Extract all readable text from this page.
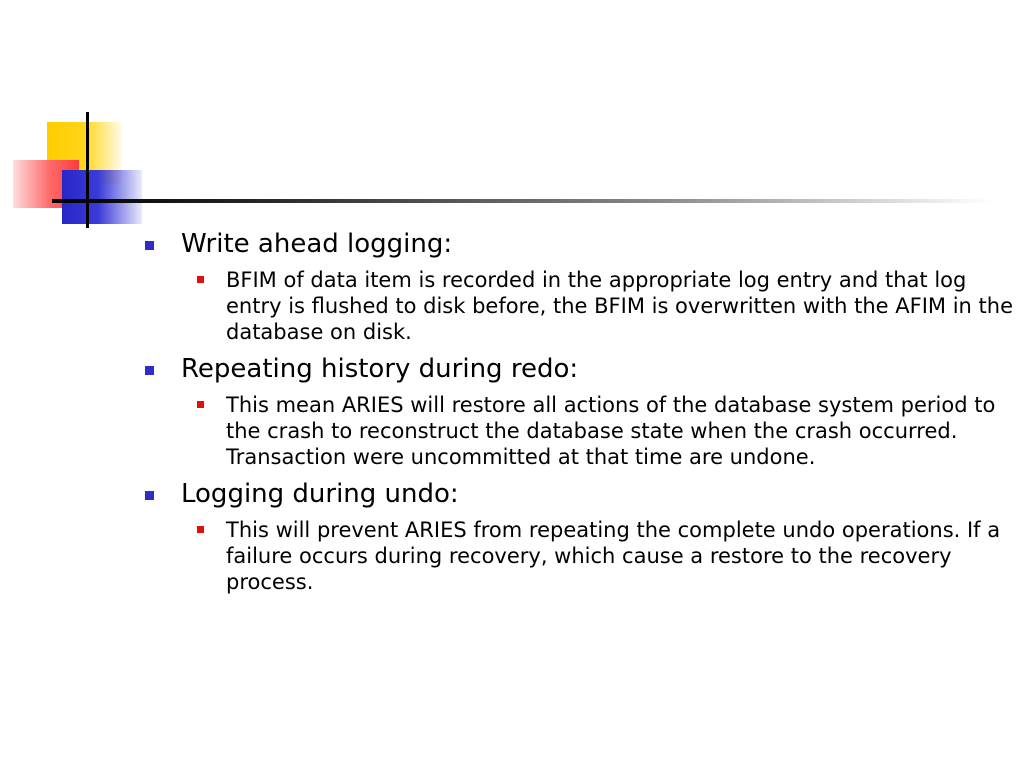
Write ahead logging:
BFIM of data item is recorded in the appropriate log entry and that log entry is flushed to disk before, the BFIM is overwritten with the AFIM in the database on disk.
Repeating history during redo:
This mean ARIES will restore all actions of the database system period to the crash to reconstruct the database state when the crash occurred. Transaction were uncommitted at that time are undone.
Logging during undo:
This will prevent ARIES from repeating the complete undo operations. If a failure occurs during recovery, which cause a restore to the recovery process.
